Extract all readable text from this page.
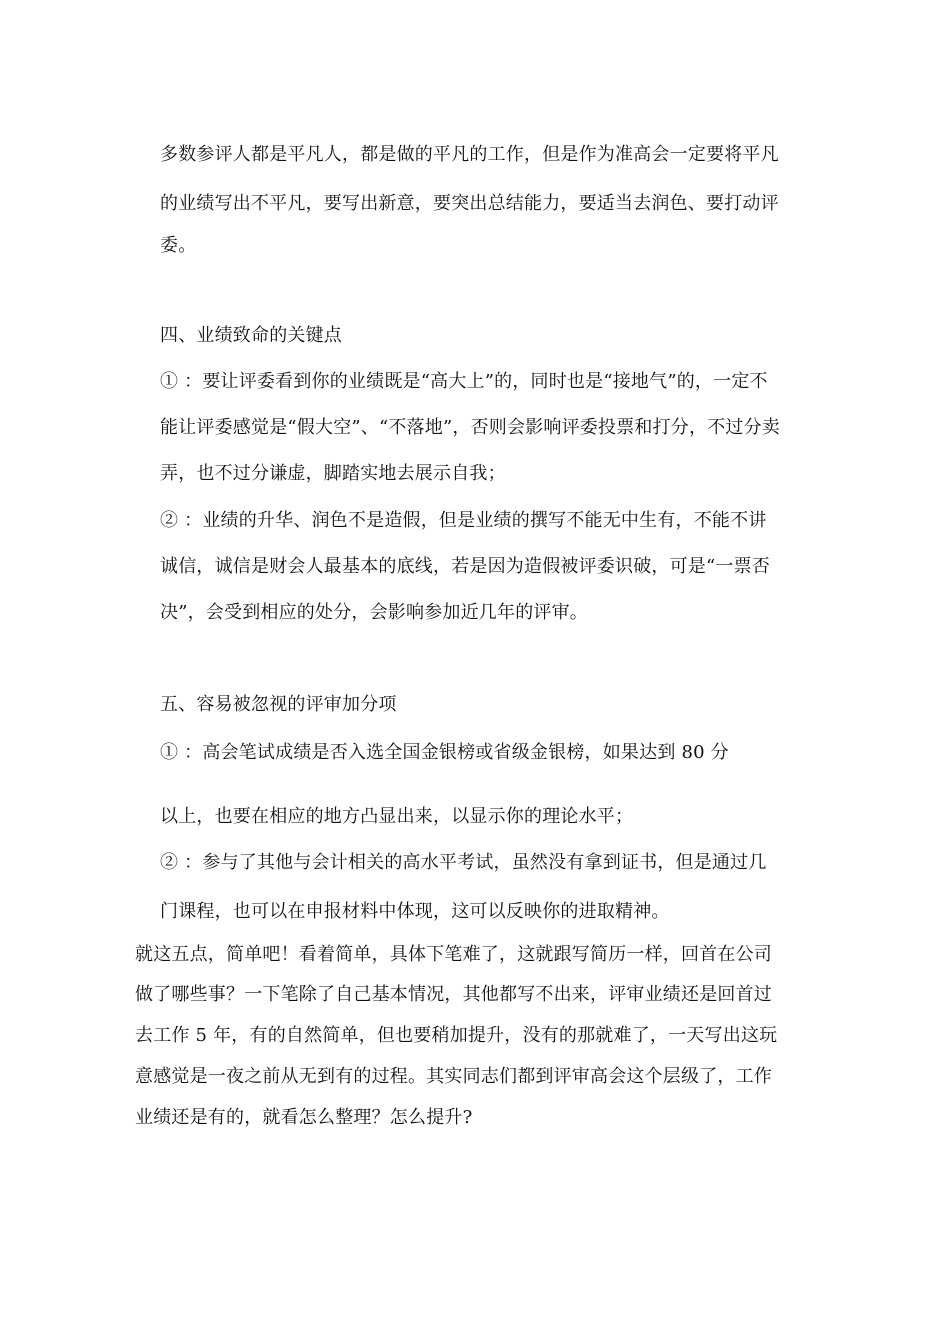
多数参评人都是平凡人，都是做的平凡的工作，但是作为准高会一定要将平凡
的业绩写出不平凡，要写出新意，要突出总结能力，要适当去润色、要打动评
委。
四、业绩致命的关键点
① ：要让评委看到你的业绩既是“高大上”的，同时也是“接地气”的，一定不
能让评委感觉是“假大空”、“不落地”，否则会影响评委投票和打分，不过分卖
弄，也不过分谦虚，脚踏实地去展示自我；
② ：业绩的升华、润色不是造假，但是业绩的撰写不能无中生有，不能不讲
诚信，诚信是财会人最基本的底线，若是因为造假被评委识破，可是“一票否
决”，会受到相应的处分，会影响参加近几年的评审。
五、容易被忽视的评审加分项
① ：高会笔试成绩是否入选全国金银榜或省级金银榜，如果达到 80 分
以上，也要在相应的地方凸显出来，以显示你的理论水平；
② ：参与了其他与会计相关的高水平考试，虽然没有拿到证书，但是通过几
门课程，也可以在申报材料中体现，这可以反映你的进取精神。
就这五点，简单吧！看着简单，具体下笔难了，这就跟写简历一样，回首在公司
做了哪些事？一下笔除了自己基本情况，其他都写不出来，评审业绩还是回首过
去工作 5 年，有的自然简单，但也要稍加提升，没有的那就难了，一天写出这玩
意感觉是一夜之前从无到有的过程。其实同志们都到评审高会这个层级了，工作
业绩还是有的，就看怎么整理？怎么提升?
